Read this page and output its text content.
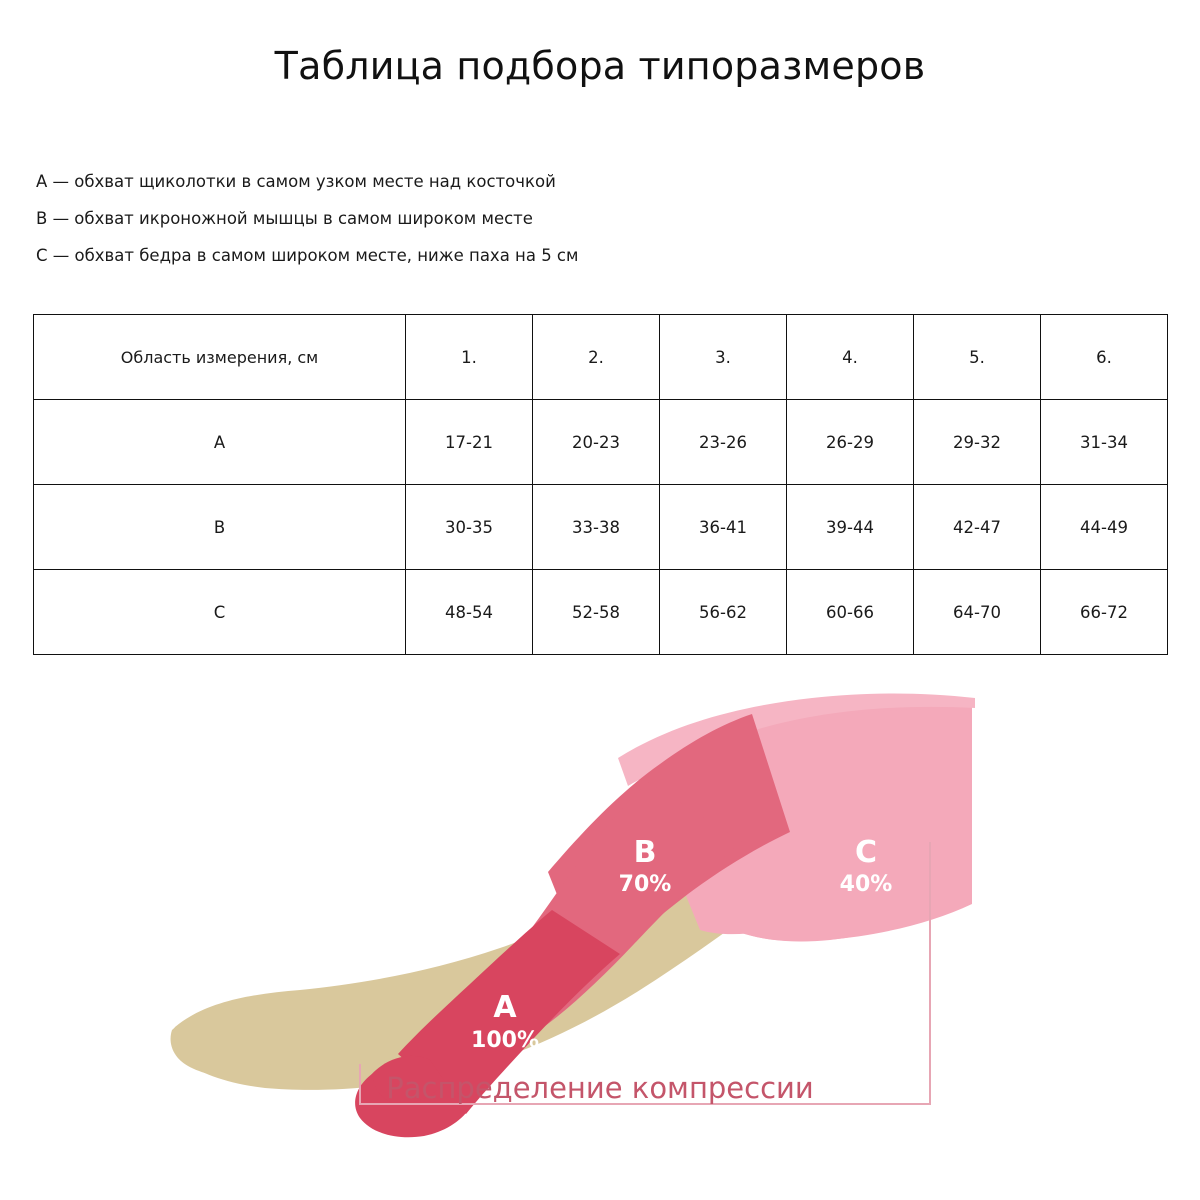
Таблица подбора типоразмеров
A — обхват щиколотки в самом узком месте над косточкой
B — обхват икроножной мышцы в самом широком месте
C — обхват бедра в самом широком месте, ниже паха на 5 см
Область измерения, см	1.	2.	3.	4.	5.	6.
A	17-21	20-23	23-26	26-29	29-32	31-34
B	30-35	33-38	36-41	39-44	42-47	44-49
C	48-54	52-58	56-62	60-66	64-70	66-72
A
100%
B
70%
C
40%
Распределение компрессии
